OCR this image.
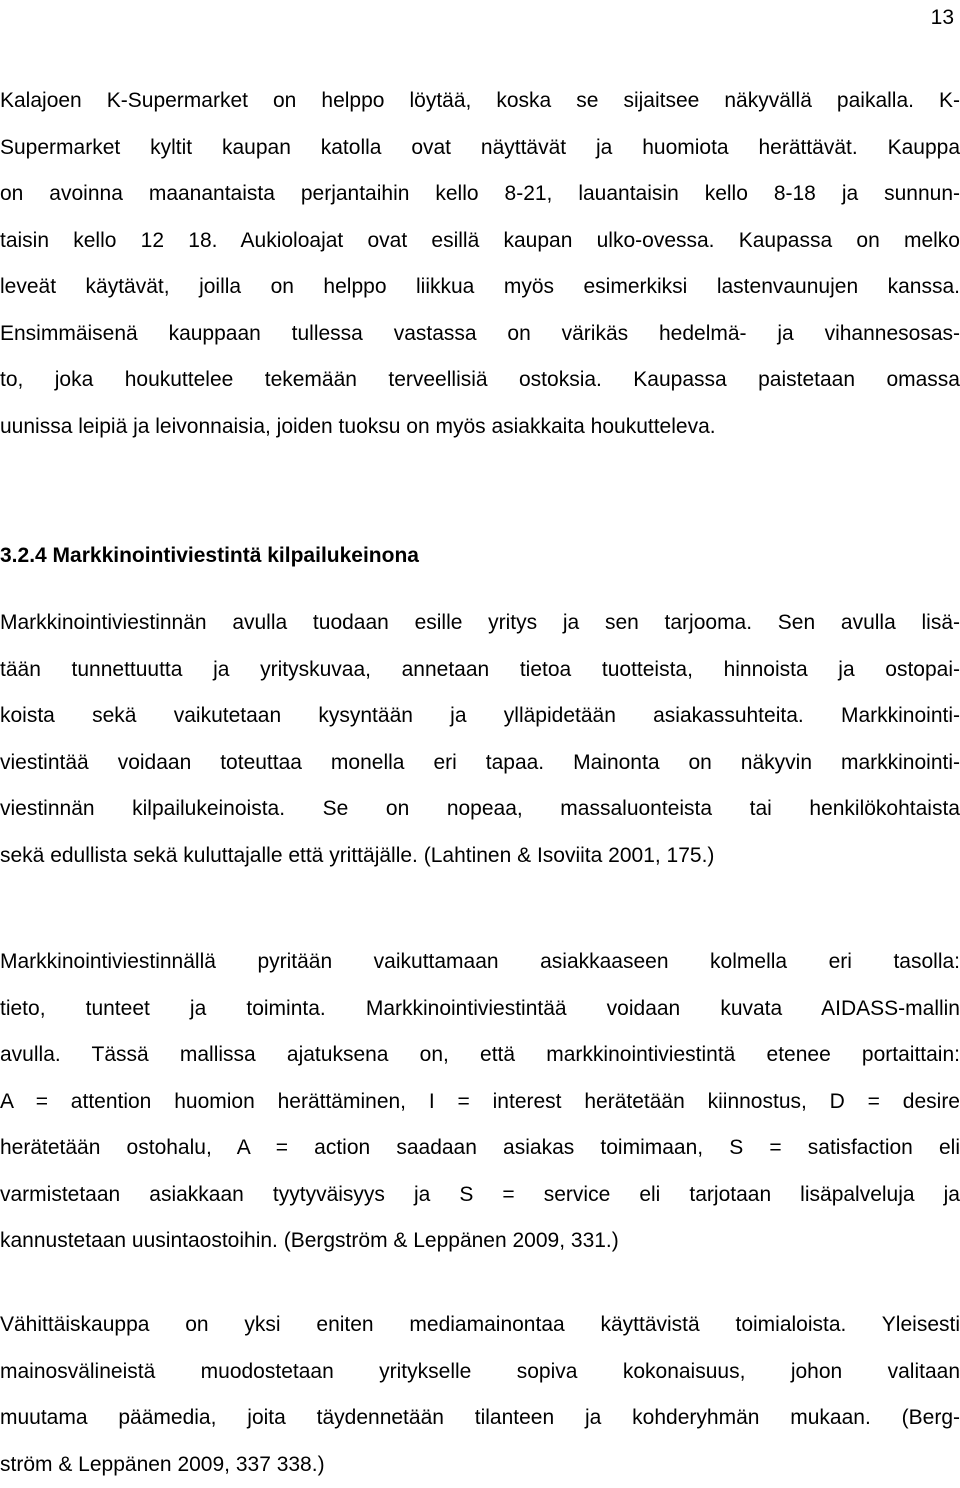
13
Kalajoen K-Supermarket on helppo löytää, koska se sijaitsee näkyvällä paikalla. K-
Supermarket kyltit kaupan katolla ovat näyttävät ja huomiota herättävät. Kauppa
on avoinna maanantaista perjantaihin kello 8-21, lauantaisin kello 8-18 ja sunnun-
taisin kello 12 18. Aukioloajat ovat esillä kaupan ulko-ovessa. Kaupassa on melko
leveät käytävät, joilla on helppo liikkua myös esimerkiksi lastenvaunujen kanssa.
Ensimmäisenä kauppaan tullessa vastassa on värikäs hedelmä- ja vihannesosas-
to, joka houkuttelee tekemään terveellisiä ostoksia. Kaupassa paistetaan omassa
uunissa leipiä ja leivonnaisia, joiden tuoksu on myös asiakkaita houkutteleva.
3.2.4 Markkinointiviestintä kilpailukeinona
Markkinointiviestinnän avulla tuodaan esille yritys ja sen tarjooma. Sen avulla lisä-
tään tunnettuutta ja yrityskuvaa, annetaan tietoa tuotteista, hinnoista ja ostopai-
koista sekä vaikutetaan kysyntään ja ylläpidetään asiakassuhteita. Markkinointi-
viestintää voidaan toteuttaa monella eri tapaa. Mainonta on näkyvin markkinointi-
viestinnän kilpailukeinoista. Se on nopeaa, massaluonteista tai henkilökohtaista
sekä edullista sekä kuluttajalle että yrittäjälle. (Lahtinen & Isoviita 2001, 175.)
Markkinointiviestinnällä pyritään vaikuttamaan asiakkaaseen kolmella eri tasolla:
tieto, tunteet ja toiminta. Markkinointiviestintää voidaan kuvata AIDASS-mallin
avulla. Tässä mallissa ajatuksena on, että markkinointiviestintä etenee portaittain:
A = attention huomion herättäminen, I = interest herätetään kiinnostus, D = desire
herätetään ostohalu, A = action saadaan asiakas toimimaan, S = satisfaction eli
varmistetaan asiakkaan tyytyväisyys ja S = service eli tarjotaan lisäpalveluja ja
kannustetaan uusintaostoihin. (Bergström & Leppänen 2009, 331.)
Vähittäiskauppa on yksi eniten mediamainontaa käyttävistä toimialoista. Yleisesti
mainosvälineistä muodostetaan yritykselle sopiva kokonaisuus, johon valitaan
muutama päämedia, joita täydennetään tilanteen ja kohderyhmän mukaan. (Berg-
ström & Leppänen 2009, 337 338.)
